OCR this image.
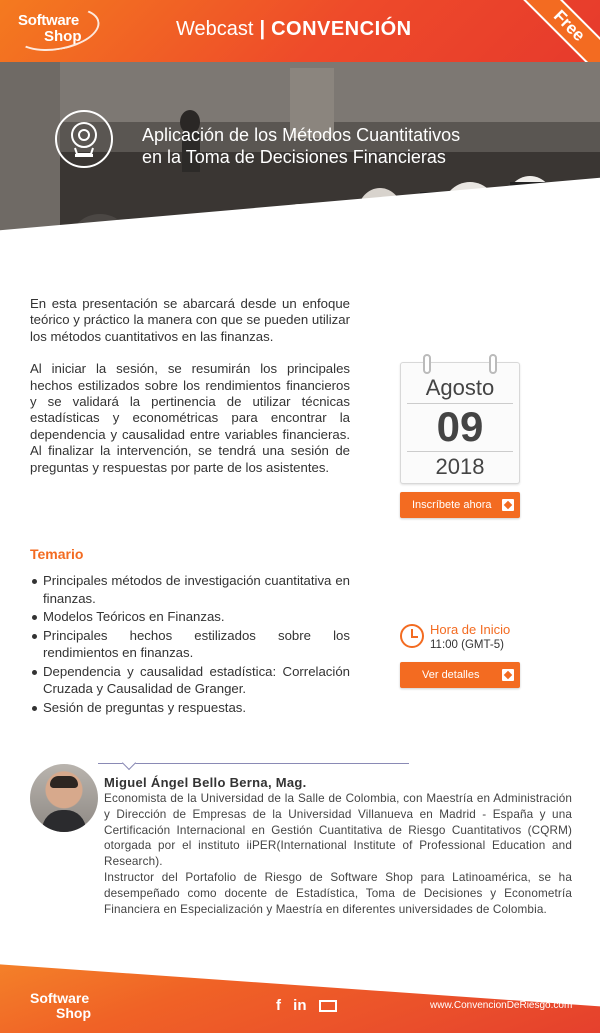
Software
Shop	Webcast | CONVENCIÓN	Free
Aplicación de los Métodos Cuantitativos
en la Toma de Decisiones Financieras

En esta presentación se abarcará desde un enfoque teórico y práctico la manera con que se pueden utilizar los métodos cuantitativos en las finanzas.

Al iniciar la sesión, se resumirán los principales hechos estilizados sobre los rendimientos financieros y se validará la pertinencia de utilizar técnicas estadísticas y econométricas para encontrar la dependencia y causalidad entre variables financieras. Al finalizar la intervención, se tendrá una sesión de preguntas y respuestas por parte de los asistentes.

Temario
Principales métodos de investigación cuantitativa en finanzas.
Modelos Teóricos en Finanzas.
Principales hechos estilizados sobre los rendimientos en finanzas.
Dependencia y causalidad estadística: Correlación Cruzada y Causalidad de Granger.
Sesión de preguntas y respuestas.
Agosto
09
2018
Inscríbete ahora
Hora de Inicio
11:00 (GMT-5)
Ver detalles
Miguel Ángel Bello Berna, Mag.
Economista de la Universidad de la Salle de Colombia, con Maestría en Administración y Dirección de Empresas de la Universidad Villanueva en Madrid - España y una Certificación Internacional en Gestión Cuantitativa de Riesgo Cuantitativos (CQRM) otorgada por el instituto iiPER(International Institute of Professional Education and Research).
Instructor del Portafolio de Riesgo de Software Shop para Latinoamérica, se ha desempeñado como docente de Estadística, Toma de Decisiones y Econometría Financiera en Especialización y Maestría en diferentes universidades de Colombia.
Software
Shop	f in	www.ConvencionDeRiesgo.com
